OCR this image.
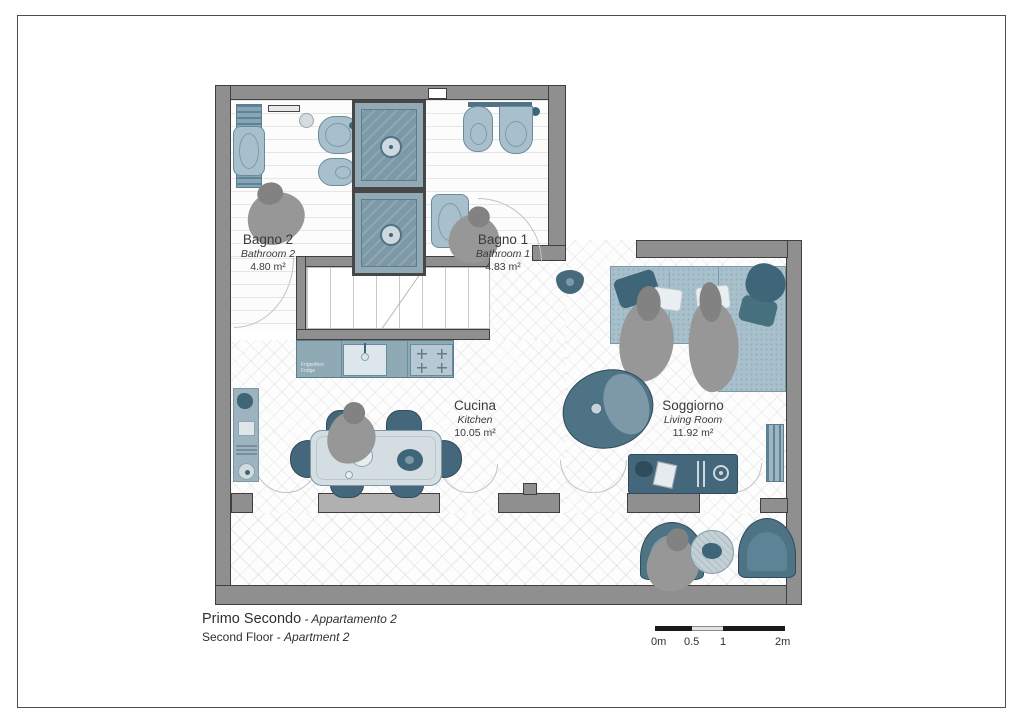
Frigorifero
Fridge
Bagno 2
Bathroom 2
4.80 m²
Bagno 1
Bathroom 1
4.83 m²
Cucina
Kitchen
10.05 m²
Soggiorno
Living Room
11.92 m²
Primo Secondo - Appartamento 2
Second Floor - Apartment 2	0m 0.5 1	2m
